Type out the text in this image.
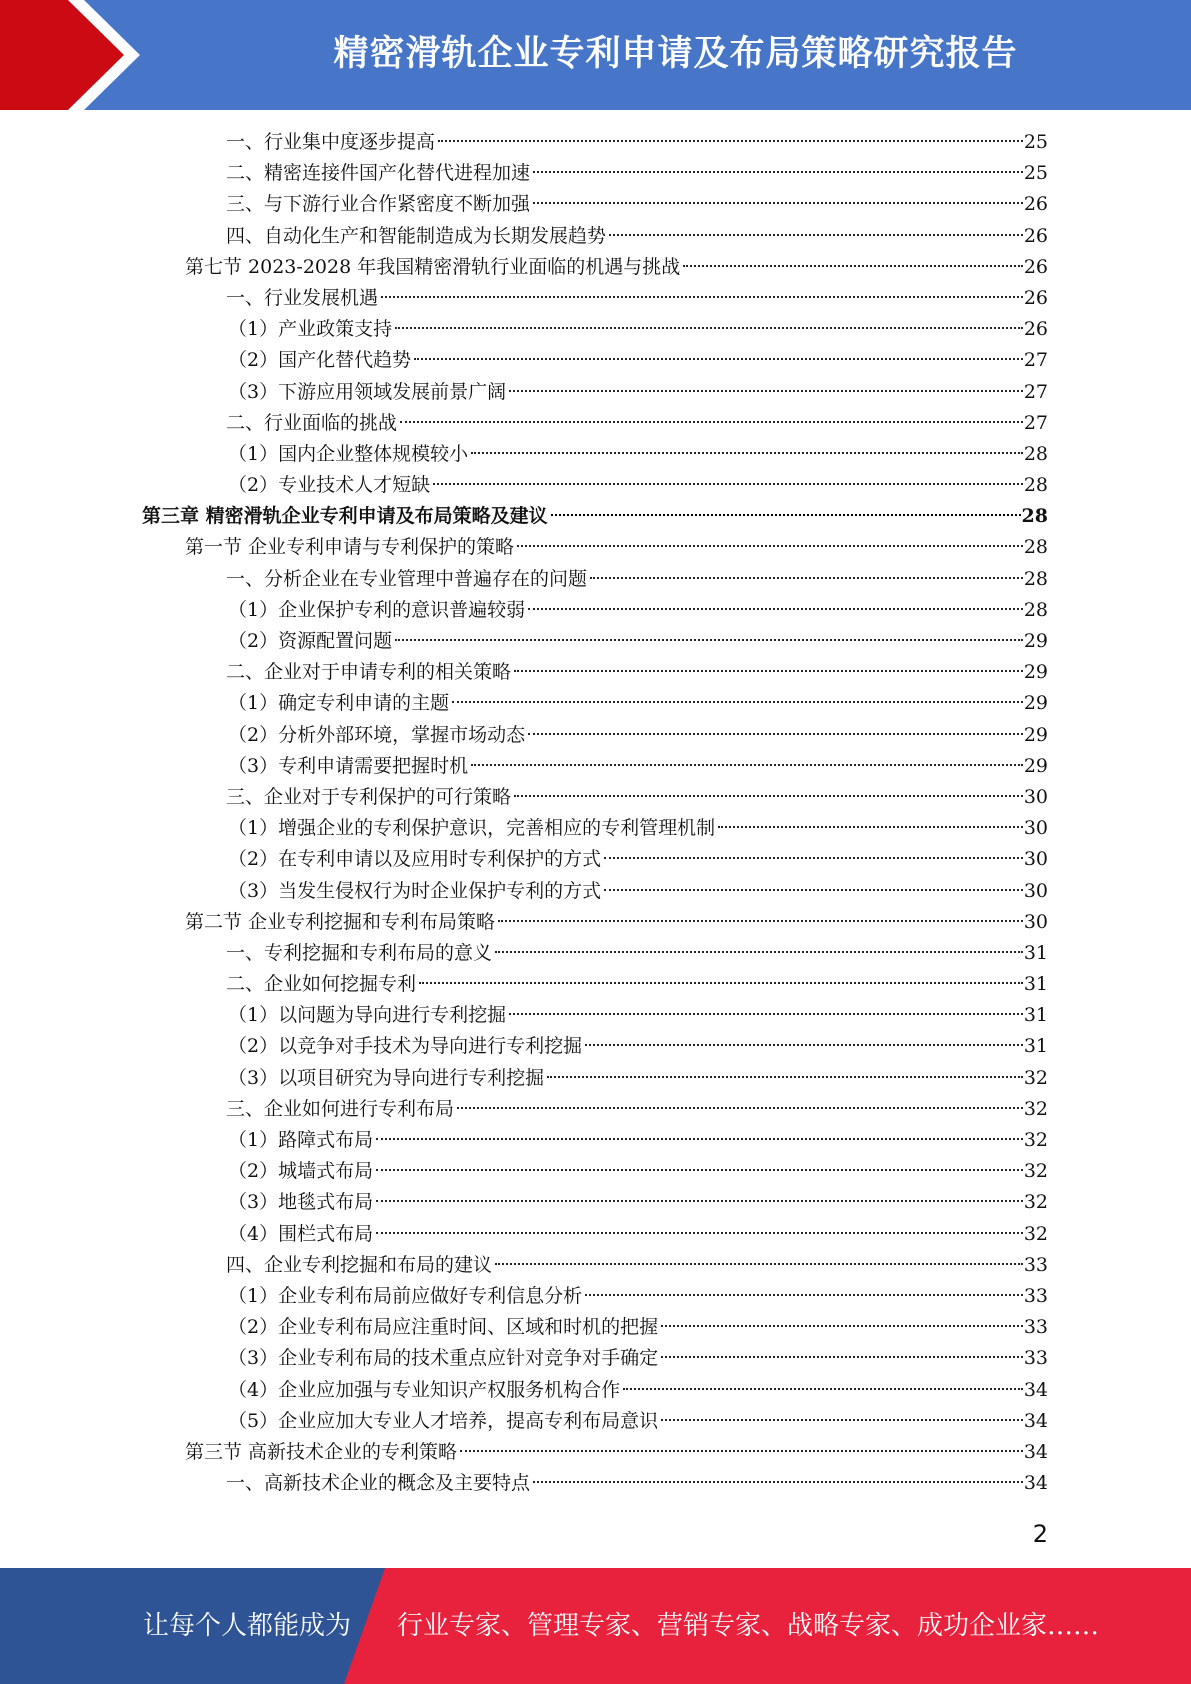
精密滑轨企业专利申请及布局策略研究报告
一、行业集中度逐步提高	25
二、精密连接件国产化替代进程加速	25
三、与下游行业合作紧密度不断加强	26
四、自动化生产和智能制造成为长期发展趋势	26
第七节 2023-2028 年我国精密滑轨行业面临的机遇与挑战	26
一、行业发展机遇	26
（1）产业政策支持	26
（2）国产化替代趋势	27
（3）下游应用领域发展前景广阔	27
二、行业面临的挑战	27
（1）国内企业整体规模较小	28
（2）专业技术人才短缺	28
第三章 精密滑轨企业专利申请及布局策略及建议	28
第一节 企业专利申请与专利保护的策略	28
一、分析企业在专业管理中普遍存在的问题	28
（1）企业保护专利的意识普遍较弱	28
（2）资源配置问题	29
二、企业对于申请专利的相关策略	29
（1）确定专利申请的主题	29
（2）分析外部环境，掌握市场动态	29
（3）专利申请需要把握时机	29
三、企业对于专利保护的可行策略	30
（1）增强企业的专利保护意识，完善相应的专利管理机制	30
（2）在专利申请以及应用时专利保护的方式	30
（3）当发生侵权行为时企业保护专利的方式	30
第二节 企业专利挖掘和专利布局策略	30
一、专利挖掘和专利布局的意义	31
二、企业如何挖掘专利	31
（1）以问题为导向进行专利挖掘	31
（2）以竞争对手技术为导向进行专利挖掘	31
（3）以项目研究为导向进行专利挖掘	32
三、企业如何进行专利布局	32
（1）路障式布局	32
（2）城墙式布局	32
（3）地毯式布局	32
（4）围栏式布局	32
四、企业专利挖掘和布局的建议	33
（1）企业专利布局前应做好专利信息分析	33
（2）企业专利布局应注重时间、区域和时机的把握	33
（3）企业专利布局的技术重点应针对竞争对手确定	33
（4）企业应加强与专业知识产权服务机构合作	34
（5）企业应加大专业人才培养，提高专利布局意识	34
第三节 高新技术企业的专利策略	34
一、高新技术企业的概念及主要特点	34
2
让每个人都能成为 行业专家、管理专家、营销专家、战略专家、成功企业家……
